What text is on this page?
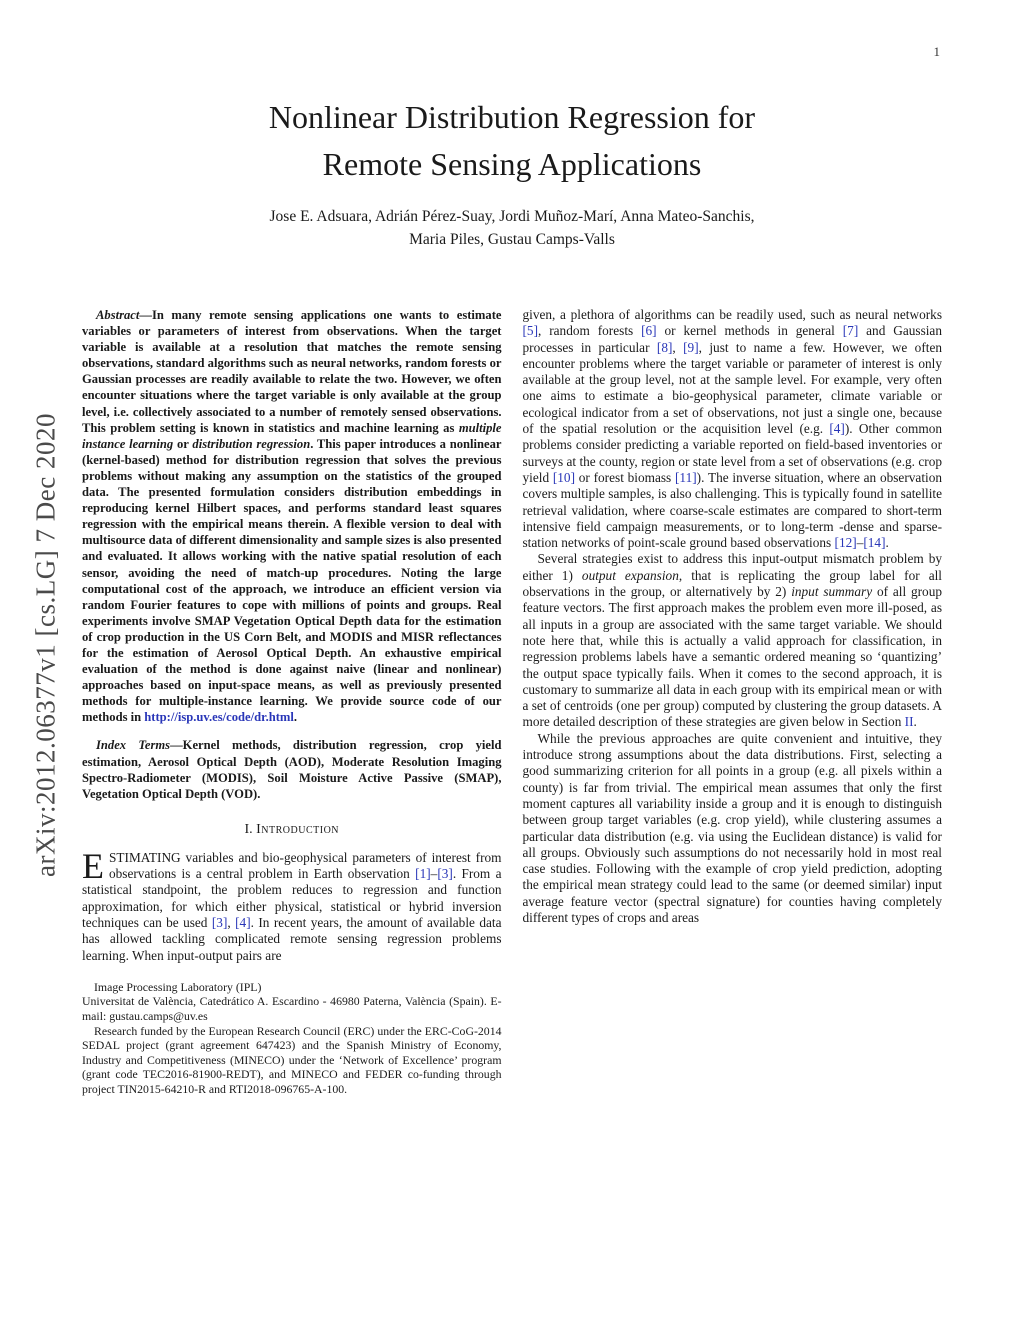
1
arXiv:2012.06377v1 [cs.LG] 7 Dec 2020
Nonlinear Distribution Regression for
Remote Sensing Applications
Jose E. Adsuara, Adrián Pérez-Suay, Jordi Muñoz-Marí, Anna Mateo-Sanchis,
Maria Piles, Gustau Camps-Valls

Abstract—In many remote sensing applications one wants to estimate variables or parameters of interest from observations. When the target variable is available at a resolution that matches the remote sensing observations, standard algorithms such as neural networks, random forests or Gaussian processes are readily available to relate the two. However, we often encounter situations where the target variable is only available at the group level, i.e. collectively associated to a number of remotely sensed observations. This problem setting is known in statistics and machine learning as multiple instance learning or distribution regression. This paper introduces a nonlinear (kernel-based) method for distribution regression that solves the previous problems without making any assumption on the statistics of the grouped data. The presented formulation considers distribution embeddings in reproducing kernel Hilbert spaces, and performs standard least squares regression with the empirical means therein. A flexible version to deal with multisource data of different dimensionality and sample sizes is also presented and evaluated. It allows working with the native spatial resolution of each sensor, avoiding the need of match-up procedures. Noting the large computational cost of the approach, we introduce an efficient version via random Fourier features to cope with millions of points and groups. Real experiments involve SMAP Vegetation Optical Depth data for the estimation of crop production in the US Corn Belt, and MODIS and MISR reflectances for the estimation of Aerosol Optical Depth. An exhaustive empirical evaluation of the method is done against naive (linear and nonlinear) approaches based on input-space means, as well as previously presented methods for multiple-instance learning. We provide source code of our methods in http://isp.uv.es/code/dr.html.

Index Terms—Kernel methods, distribution regression, crop yield estimation, Aerosol Optical Depth (AOD), Moderate Resolution Imaging Spectro-Radiometer (MODIS), Soil Moisture Active Passive (SMAP), Vegetation Optical Depth (VOD).

I. Introduction

ESTIMATING variables and bio-geophysical parameters of interest from observations is a central problem in Earth observation [1]–[3]. From a statistical standpoint, the problem reduces to regression and function approximation, for which either physical, statistical or hybrid inversion techniques can be used [3], [4]. In recent years, the amount of available data has allowed tackling complicated remote sensing regression problems learning. When input-output pairs are

Image Processing Laboratory (IPL)

Universitat de València, Catedrático A. Escardino - 46980 Paterna, València (Spain). E-mail: gustau.camps@uv.es

Research funded by the European Research Council (ERC) under the ERC-CoG-2014 SEDAL project (grant agreement 647423) and the Spanish Ministry of Economy, Industry and Competitiveness (MINECO) under the ‘Network of Excellence’ program (grant code TEC2016-81900-REDT), and MINECO and FEDER co-funding through project TIN2015-64210-R and RTI2018-096765-A-100.

given, a plethora of algorithms can be readily used, such as neural networks [5], random forests [6] or kernel methods in general [7] and Gaussian processes in particular [8], [9], just to name a few. However, we often encounter problems where the target variable or parameter of interest is only available at the group level, not at the sample level. For example, very often one aims to estimate a bio-geophysical parameter, climate variable or ecological indicator from a set of observations, not just a single one, because of the spatial resolution or the acquisition level (e.g. [4]). Other common problems consider predicting a variable reported on field-based inventories or surveys at the county, region or state level from a set of observations (e.g. crop yield [10] or forest biomass [11]). The inverse situation, where an observation covers multiple samples, is also challenging. This is typically found in satellite retrieval validation, where coarse-scale estimates are compared to short-term intensive field campaign measurements, or to long-term -dense and sparse- station networks of point-scale ground based observations [12]–[14].

Several strategies exist to address this input-output mismatch problem by either 1) output expansion, that is replicating the group label for all observations in the group, or alternatively by 2) input summary of all group feature vectors. The first approach makes the problem even more ill-posed, as all inputs in a group are associated with the same target variable. We should note here that, while this is actually a valid approach for classification, in regression problems labels have a semantic ordered meaning so ‘quantizing’ the output space typically fails. When it comes to the second approach, it is customary to summarize all data in each group with its empirical mean or with a set of centroids (one per group) computed by clustering the group datasets. A more detailed description of these strategies are given below in Section II.

While the previous approaches are quite convenient and intuitive, they introduce strong assumptions about the data distributions. First, selecting a good summarizing criterion for all points in a group (e.g. all pixels within a county) is far from trivial. The empirical mean assumes that only the first moment captures all variability inside a group and it is enough to distinguish between group target variables (e.g. crop yield), while clustering assumes a particular data distribution (e.g. via using the Euclidean distance) is valid for all groups. Obviously such assumptions do not necessarily hold in most real case studies. Following with the example of crop yield prediction, adopting the empirical mean strategy could lead to the same (or deemed similar) input average feature vector (spectral signature) for counties having completely different types of crops and areas
